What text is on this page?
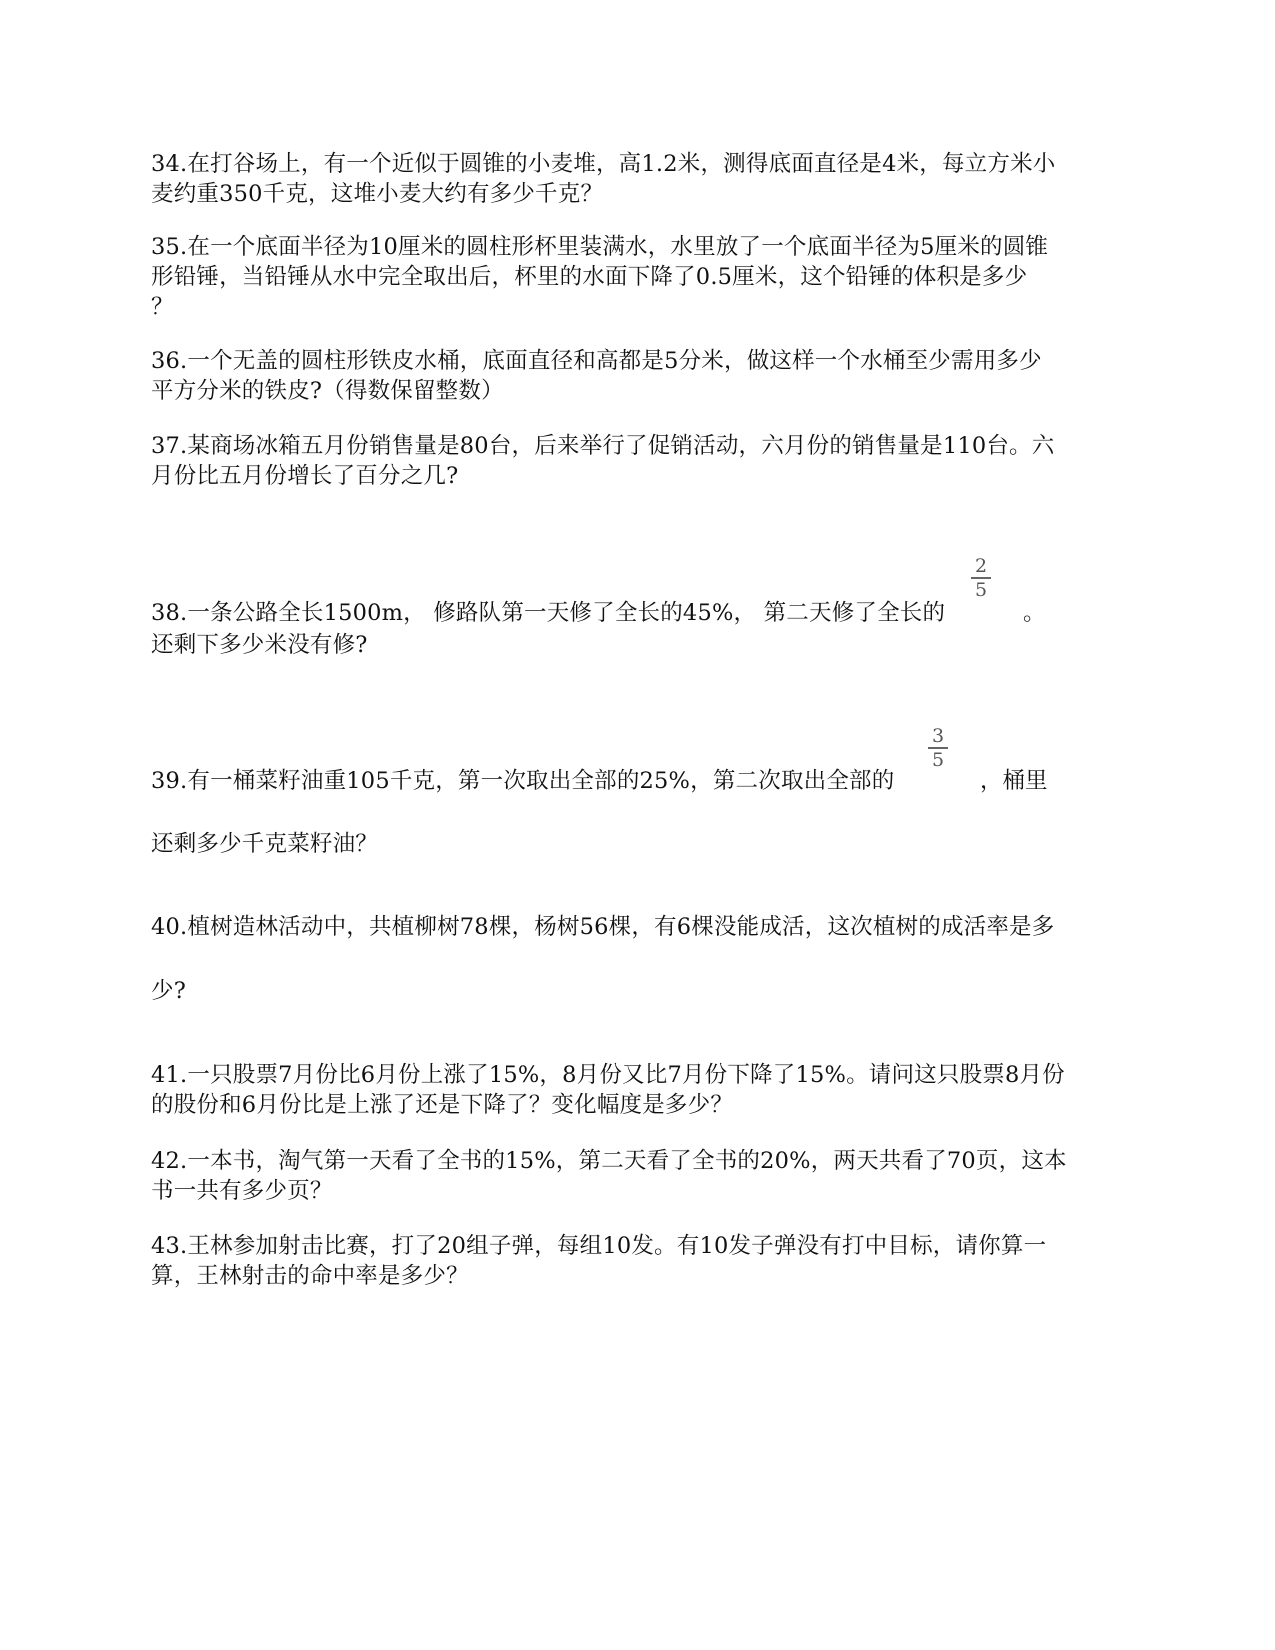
34.在打谷场上，有一个近似于圆锥的小麦堆，高1.2米，测得底面直径是4米，每立方米小
麦约重350千克，这堆小麦大约有多少千克？
35.在一个底面半径为10厘米的圆柱形杯里装满水，水里放了一个底面半径为5厘米的圆锥
形铅锤，当铅锤从水中完全取出后，杯里的水面下降了0.5厘米，这个铅锤的体积是多少
？
36.一个无盖的圆柱形铁皮水桶，底面直径和高都是5分米，做这样一个水桶至少需用多少
平方分米的铁皮?（得数保留整数）
37.某商场冰箱五月份销售量是80台，后来举行了促销活动，六月份的销售量是110台。六
月份比五月份增长了百分之几?
2
5
38.一条公路全长1500m， 修路队第一天修了全长的45%， 第二天修了全长的	。
还剩下多少米没有修?
3
5
39.有一桶菜籽油重105千克，第一次取出全部的25%，第二次取出全部的	，桶里
还剩多少千克菜籽油？
40.植树造林活动中，共植柳树78棵，杨树56棵，有6棵没能成活，这次植树的成活率是多
少?
41.一只股票7月份比6月份上涨了15%，8月份又比7月份下降了15%。请问这只股票8月份
的股份和6月份比是上涨了还是下降了？变化幅度是多少？
42.一本书，淘气第一天看了全书的15%，第二天看了全书的20%，两天共看了70页，这本
书一共有多少页？
43.王林参加射击比赛，打了20组子弹，每组10发。有10发子弹没有打中目标，请你算一
算，王林射击的命中率是多少？
